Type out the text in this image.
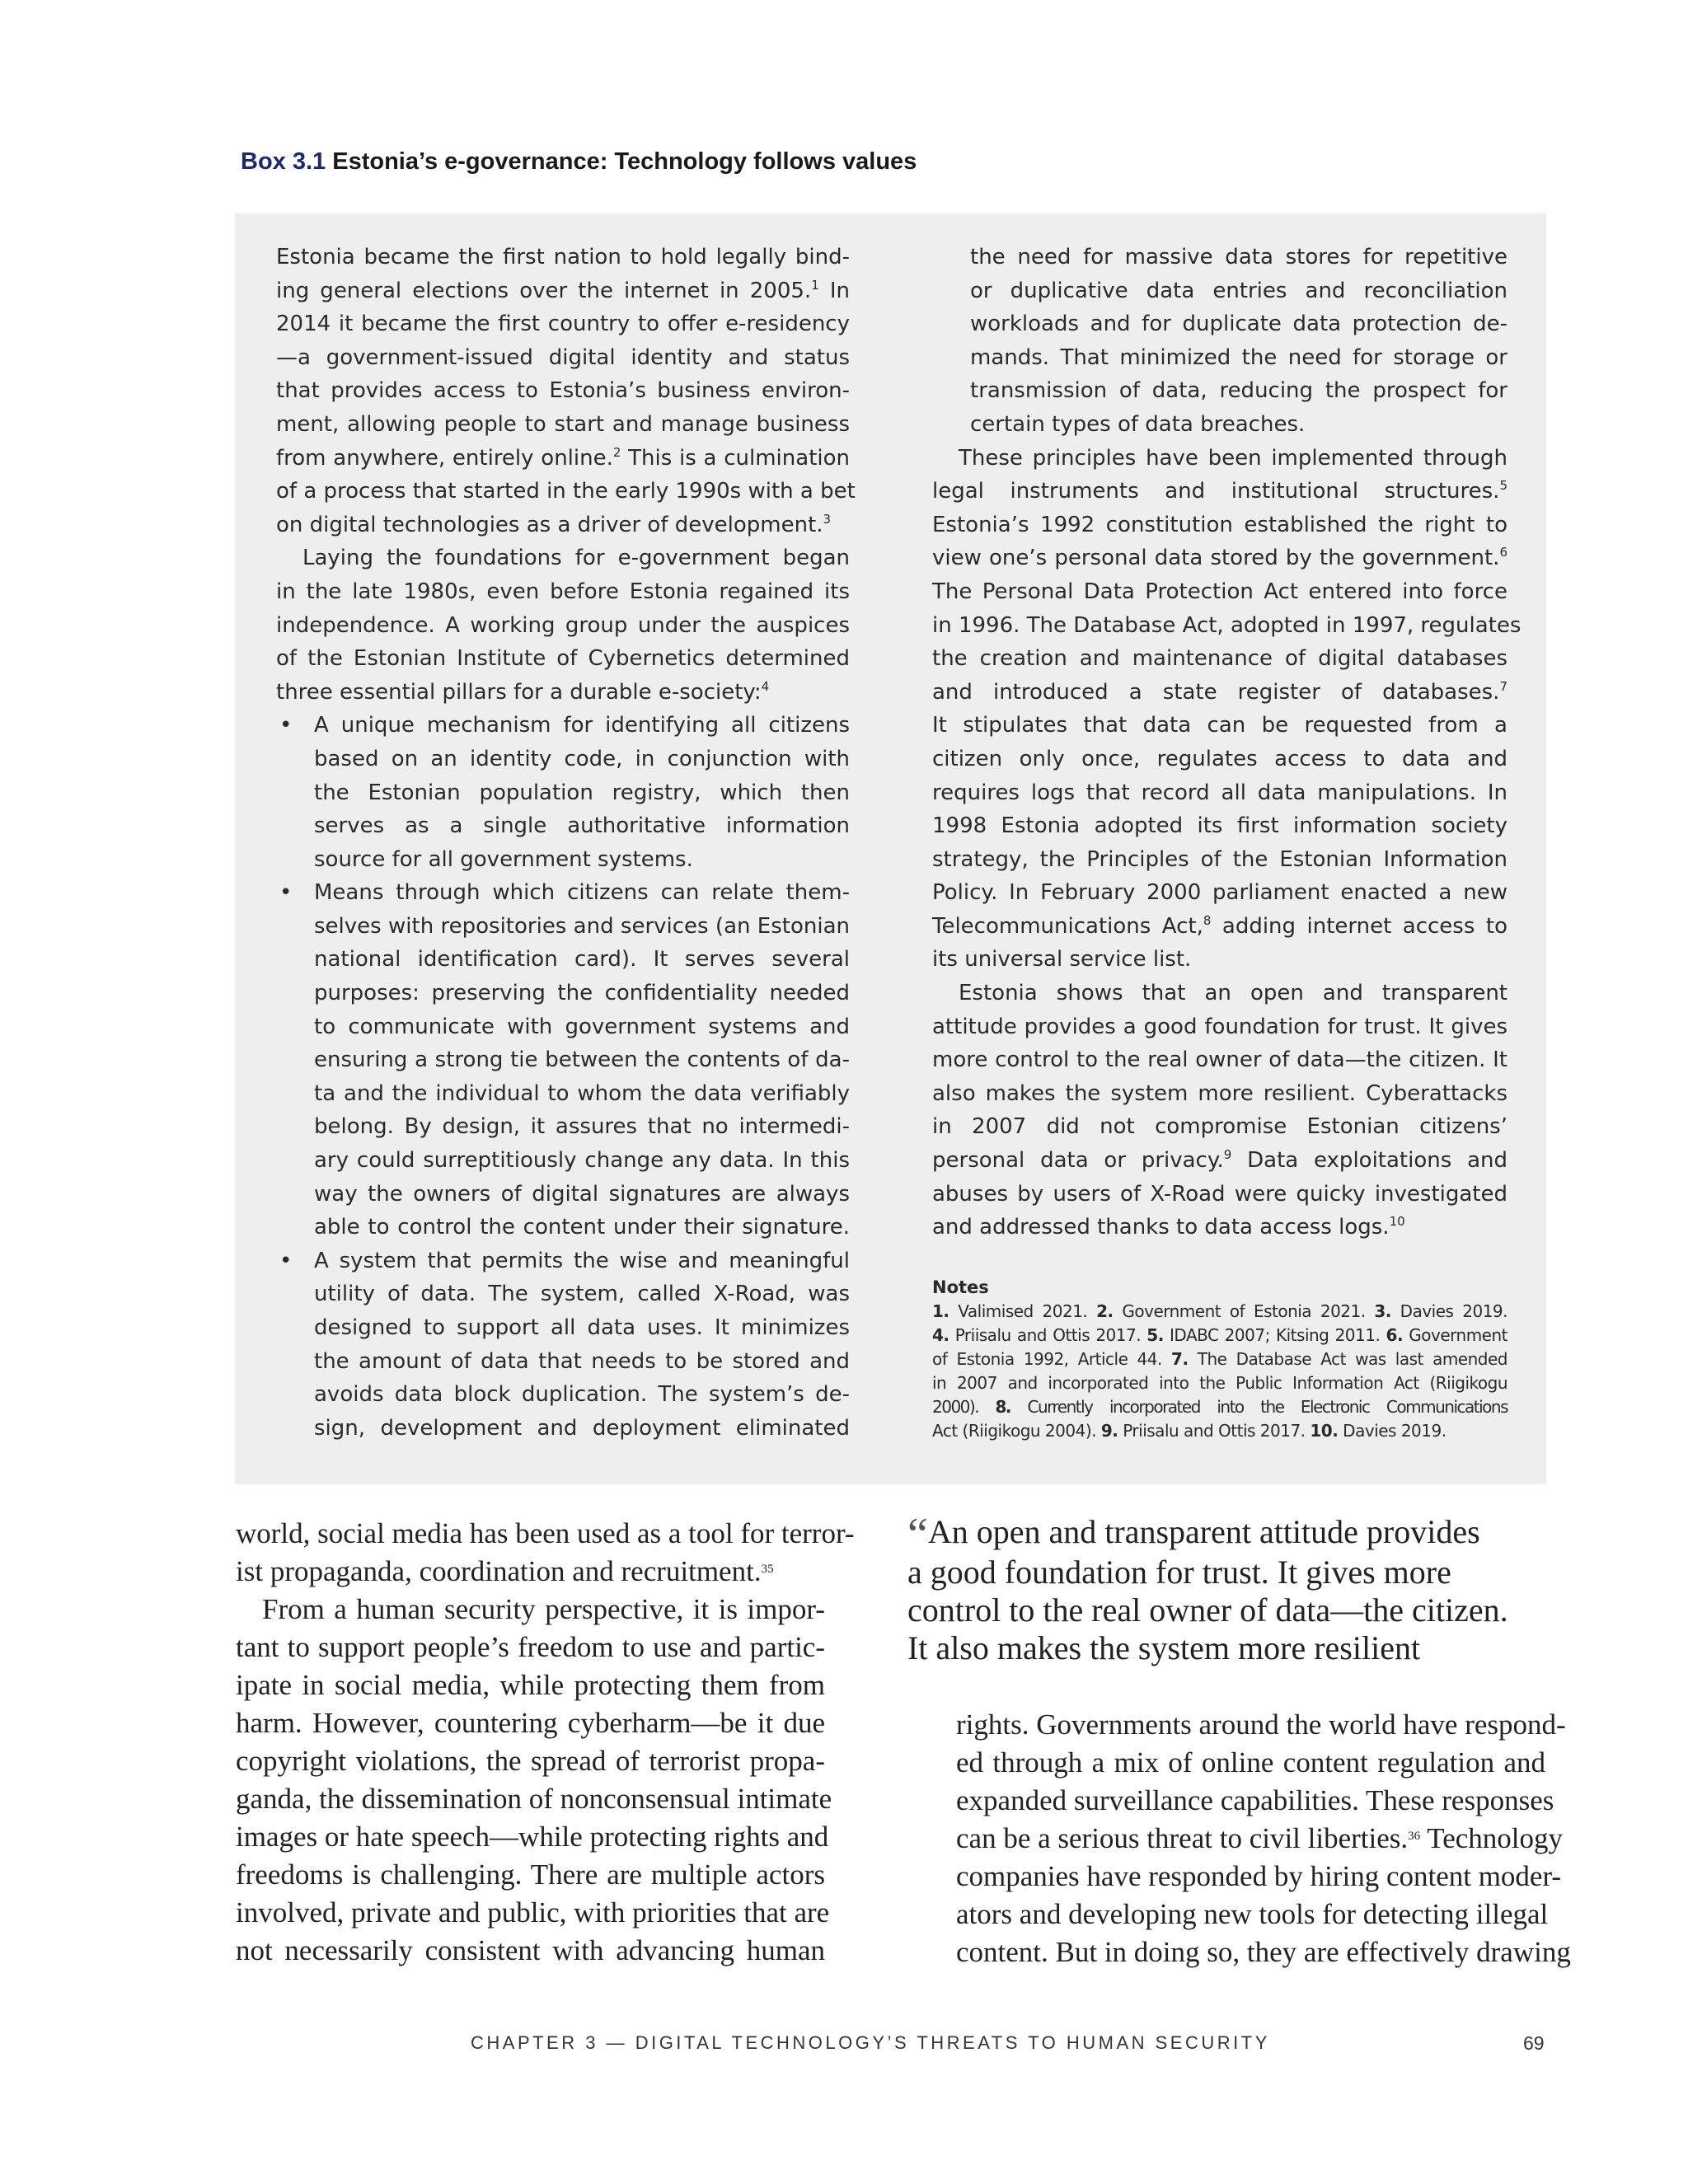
Box 3.1 Estonia’s e-governance: Technology follows values
Estonia became the first nation to hold legally bind-
ing general elections over the internet in 2005.$^1$ In
2014 it became the first country to offer e-residency
—a government-issued digital identity and status
that provides access to Estonia’s business environ-
ment, allowing people to start and manage business
from anywhere, entirely online.$^2$ This is a culmination
of a process that started in the early 1990s with a bet
on digital technologies as a driver of development.$^3$
Laying the foundations for e-government began
in the late 1980s, even before Estonia regained its
independence. A working group under the auspices
of the Estonian Institute of Cybernetics determined
three essential pillars for a durable e-society:$^4$
• A unique mechanism for identifying all citizens
based on an identity code, in conjunction with
the Estonian population registry, which then
serves as a single authoritative information
source for all government systems.
• Means through which citizens can relate them-
selves with repositories and services (an Estonian
national identification card). It serves several
purposes: preserving the confidentiality needed
to communicate with government systems and
ensuring a strong tie between the contents of da-
ta and the individual to whom the data verifiably
belong. By design, it assures that no intermedi-
ary could surreptitiously change any data. In this
way the owners of digital signatures are always
able to control the content under their signature.
• A system that permits the wise and meaningful
utility of data. The system, called X-Road, was
designed to support all data uses. It minimizes
the amount of data that needs to be stored and
avoids data block duplication. The system’s de-
sign, development and deployment eliminated
the need for massive data stores for repetitive
or duplicative data entries and reconciliation
workloads and for duplicate data protection de-
mands. That minimized the need for storage or
transmission of data, reducing the prospect for
certain types of data breaches.
These principles have been implemented through
legal instruments and institutional structures.$^5$
Estonia’s 1992 constitution established the right to
view one’s personal data stored by the government.$^6$
The Personal Data Protection Act entered into force
in 1996. The Database Act, adopted in 1997, regulates
the creation and maintenance of digital databases
and introduced a state register of databases.$^7$
It stipulates that data can be requested from a
citizen only once, regulates access to data and
requires logs that record all data manipulations. In
1998 Estonia adopted its first information society
strategy, the Principles of the Estonian Information
Policy. In February 2000 parliament enacted a new
Telecommunications Act,$^8$ adding internet access to
its universal service list.
Estonia shows that an open and transparent
attitude provides a good foundation for trust. It gives
more control to the real owner of data—the citizen. It
also makes the system more resilient. Cyberattacks
in 2007 did not compromise Estonian citizens’
personal data or privacy.$^9$ Data exploitations and
abuses by users of X-Road were quicky investigated
and addressed thanks to data access logs.$^{10}$
Notes
1. Valimised 2021. 2. Government of Estonia 2021. 3. Davies 2019.
4. Priisalu and Ottis 2017. 5. IDABC 2007; Kitsing 2011. 6. Government
of Estonia 1992, Article 44. 7. The Database Act was last amended
in 2007 and incorporated into the Public Information Act (Riigikogu
2000). 8. Currently incorporated into the Electronic Communications
Act (Riigikogu 2004). 9. Priisalu and Ottis 2017. 10. Davies 2019.
world, social media has been used as a tool for terror-
ist propaganda, coordination and recruitment.$^{35}$
From a human security perspective, it is impor-
tant to support people’s freedom to use and partic-
ipate in social media, while protecting them from
harm. However, countering cyberharm—be it due
copyright violations, the spread of terrorist propa-
ganda, the dissemination of nonconsensual intimate
images or hate speech—while protecting rights and
freedoms is challenging. There are multiple actors
involved, private and public, with priorities that are
not necessarily consistent with advancing human
“An open and transparent attitude provides
a good foundation for trust. It gives more
control to the real owner of data—the citizen.
It also makes the system more resilient
rights. Governments around the world have respond-
ed through a mix of online content regulation and
expanded surveillance capabilities. These responses
can be a serious threat to civil liberties.$^{36}$ Technology
companies have responded by hiring content moder-
ators and developing new tools for detecting illegal
content. But in doing so, they are effectively drawing
CHAPTER 3 — DIGITAL TECHNOLOGY’S THREATS TO HUMAN SECURITY	69
